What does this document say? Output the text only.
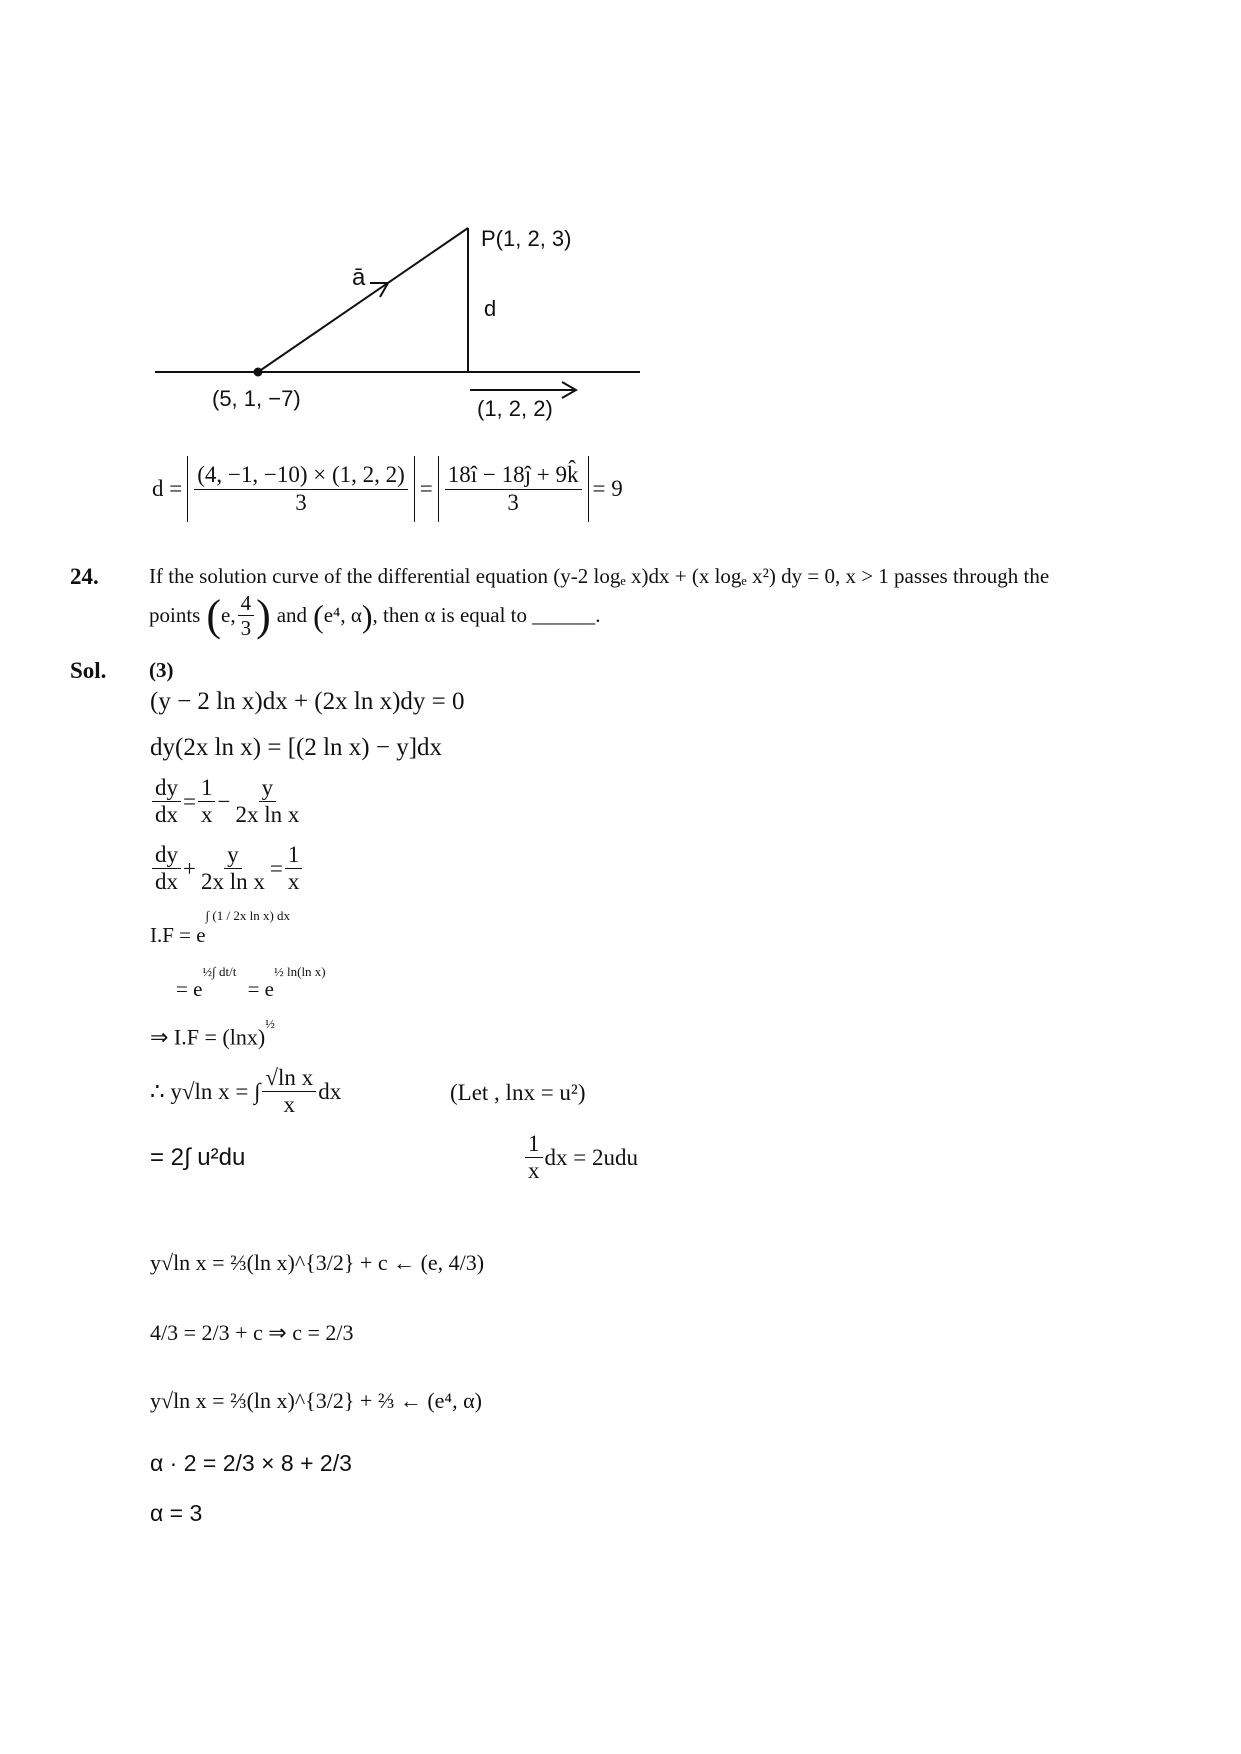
P(1, 2, 3)
ā
d
(5, 1, −7)	(1, 2, 2)
$d = \frac{(4, -1, -10) \times (1, 2, 2)}{3} = \frac{18î - 18ĵ + 9k̂}{3} = 9$
24. If the solution curve of the differential equation (y-2 logₑ x)dx + (x logₑ x²) dy = 0, x > 1 passes through the
points ( e, $\frac{4}{3}$ ) and ( e⁴, α ) , then α is equal to ______.
Sol. (3)
(y − 2 ln x)dx + (2x ln x)dy = 0
dy(2x ln x) = [(2 ln x) − y]dx
$\frac{dy}{dx} = \frac{1}{x} - \frac{y}{\text{2x ln x}}$
$\frac{dy}{dx} + \frac{y}{\text{2x ln x}} = \frac{1}{x}$
$I.F = e^{\int (1 / 2x ln x) dx}$
= $e^{\frac{1}{2}\int dt/t} = e^{\frac{1}{2} ln(ln x)}$
⇒ $I.F = (\ln x)^{\frac{1}{2}}$
∴ y√ln x = ∫ $\frac{\text{√ln x}}{x}$ dx	(Let , lnx = u²)
= 2∫ u²du	$\frac{1}{x}$ dx = 2udu
y√ln x = ⅔(ln x)^{3/2} + c ← (e, 4/3)
4/3 = 2/3 + c ⇒ c = 2/3
y√ln x = ⅔(ln x)^{3/2} + ⅔ ← (e⁴, α)
α · 2 = 2/3 × 8 + 2/3
α = 3
